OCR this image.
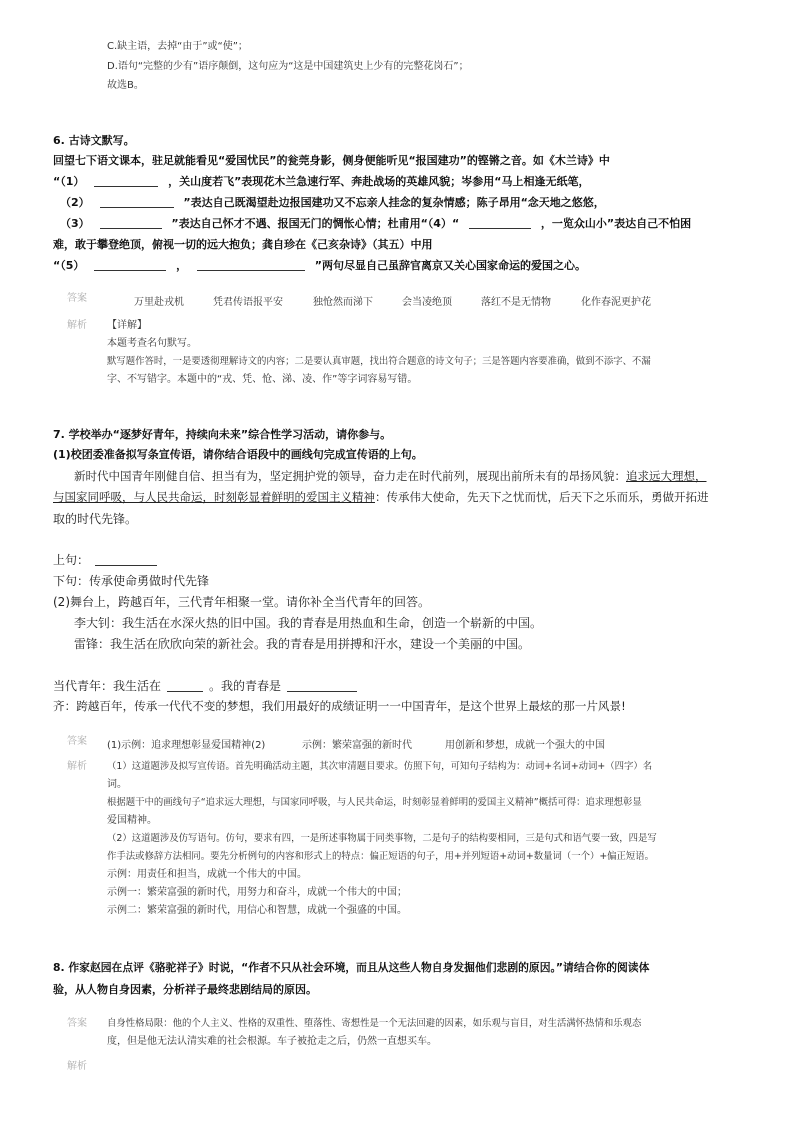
C.缺主语，去掉“由于”或“使”；
D.语句“完整的少有”语序颠倒，这句应为“这是中国建筑史上少有的完整花岗石”；
故选B。
6. 古诗文默写。
回望七下语文课本，驻足就能看见“爱国忧民”的瓮莞身影，侧身便能听见“报国建功”的铿锵之音。如《木兰诗》中
“（1）	，关山度若飞”表现花木兰急速行军、奔赴战场的英雄风貌；岑参用“马上相逢无纸笔，
（2）	”表达自己既渴望赴边报国建功又不忘亲人挂念的复杂情感；陈子昂用“念天地之悠悠，
（3）	”表达自己怀才不遇、报国无门的惆怅心情；杜甫用“（4）“	，一览众山小”表达自己不怕困
难，敢于攀登绝顶，俯视一切的远大抱负；龚自珍在《己亥杂诗》（其五）中用
“（5）	，	”两句尽显自己虽辞官离京又关心国家命运的爱国之心。
答案	万里赴戎机	凭君传语报平安	独怆然而涕下	会当凌绝顶	落红不是无情物	化作春泥更护花
解析 【详解】
本题考查名句默写。
默写题作答时，一是要透彻理解诗文的内容；二是要认真审题，找出符合题意的诗文句子；三是答题内容要准确，做到不添字、不漏
字、不写错字。本题中的“戎、凭、怆、涕、凌、作”等字词容易写错。
7. 学校举办“逐梦好青年，持续向未来”综合性学习活动，请你参与。
(1)校团委准备拟写条宣传语，请你结合语段中的画线句完成宣传语的上句。
新时代中国青年刚健自信、担当有为，坚定拥护党的领导，奋力走在时代前列，展现出前所未有的昂扬风貌：追求远大理想，
与国家同呼吸，与人民共命运，时刻彰显着鲜明的爱国主义精神：传承伟大使命，先天下之忧而忧，后天下之乐而乐，勇做开拓进
取的时代先锋。
上句：
下句：传承使命勇做时代先锋
(2)舞台上，跨越百年，三代青年相聚一堂。请你补全当代青年的回答。
李大钊：我生活在水深火热的旧中国。我的青春是用热血和生命，创造一个崭新的中国。
雷锋：我生活在欣欣向荣的新社会。我的青春是用拼搏和汗水，建设一个美丽的中国。
当代青年：我生活在	。我的青春是
齐：跨越百年，传承一代代不变的梦想，我们用最好的成绩证明一一中国青年，是这个世界上最炫的那一片风景!
答案 (1)示例：追求理想彰显爱国精神(2)	示例：繁荣富强的新时代	用创新和梦想，成就一个强大的中国
解析 （1）这道题涉及拟写宣传语。首先明确活动主题，其次审清题目要求。仿照下句，可知句子结构为：动词+名词+动词+（四字）名
词。
根据题干中的画线句子“追求远大理想，与国家同呼吸，与人民共命运，时刻彰显着鲜明的爱国主义精神”概括可得：追求理想彰显
爱国精神。
（2）这道题涉及仿写语句。仿句，要求有四，一是所述事物属于同类事物，二是句子的结构要相同，三是句式和语气要一致，四是写
作手法或修辞方法相同。要先分析例句的内容和形式上的特点：偏正短语的句子，用+并列短语+动词+数量词（一个）+偏正短语。
示例：用责任和担当，成就一个伟大的中国。
示例一：繁荣富强的新时代，用努力和奋斗，成就一个伟大的中国；
示例二：繁荣富强的新时代，用信心和智慧，成就一个强盛的中国。
8. 作家赵园在点评《骆驼祥子》时说，“作者不只从社会环境，而且从这些人物自身发掘他们悲剧的原因。”请结合你的阅读体
验，从人物自身因素，分析祥子最终悲剧结局的原因。
答案 自身性格局限：他的个人主义、性格的双重性、堕落性、寄想性是一个无法回避的因素，如乐观与盲目，对生活满怀热情和乐观态
度，但是他无法认清实难的社会根源。车子被抢走之后，仍然一直想买车。
解析
